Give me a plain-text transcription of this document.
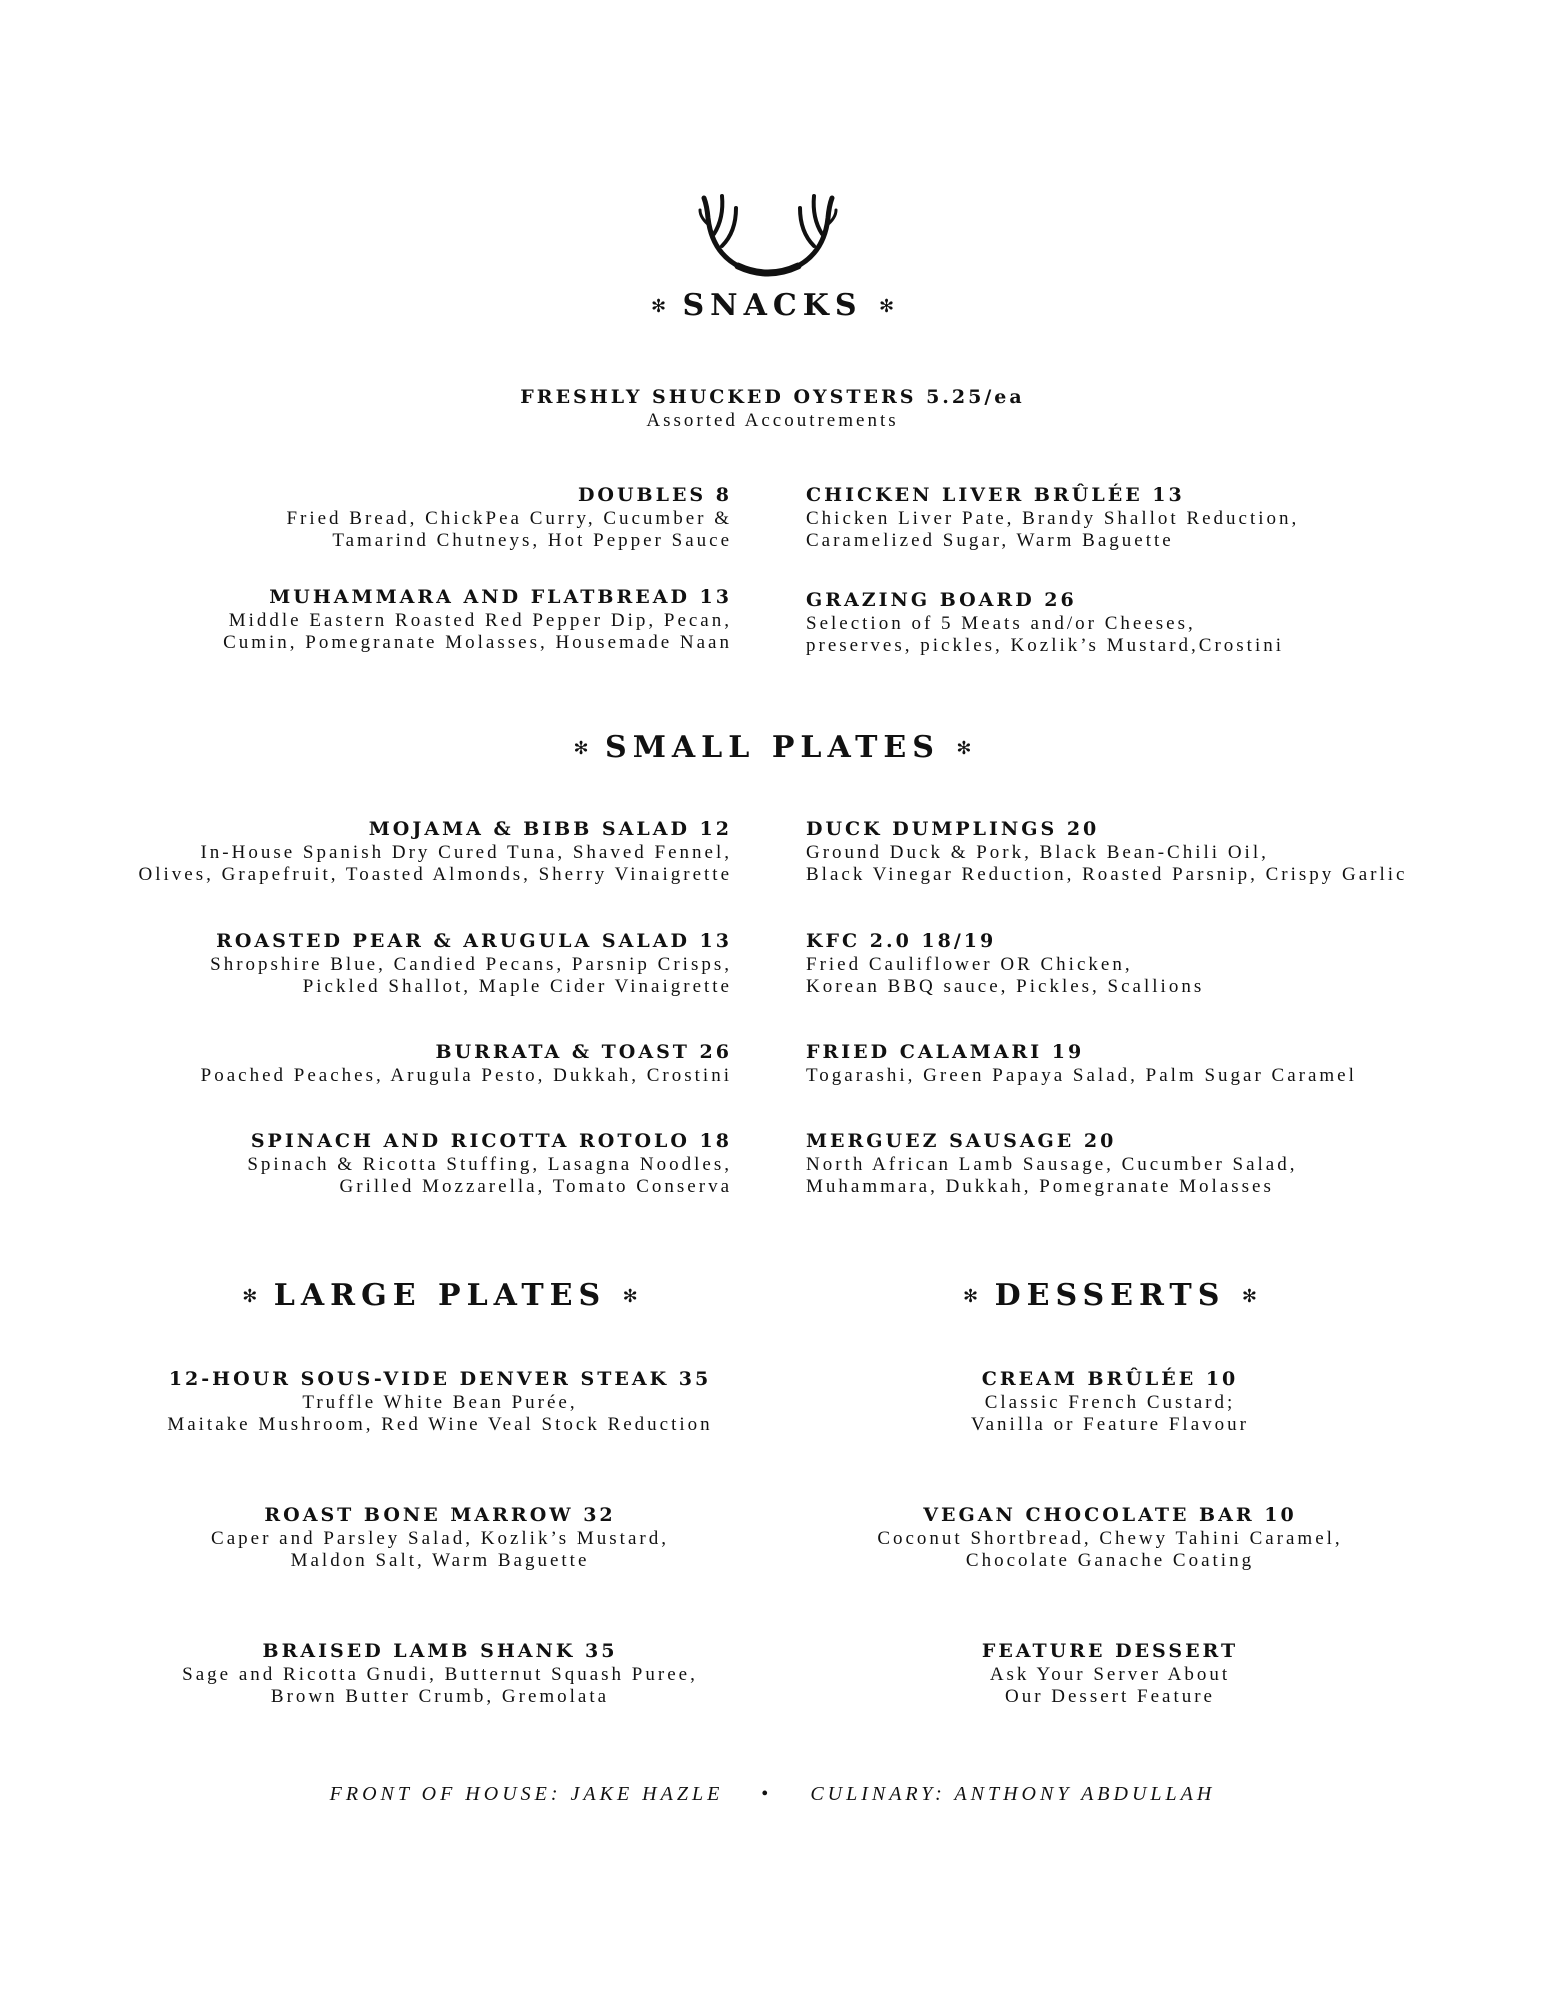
✻ SNACKS ✻
FRESHLY SHUCKED OYSTERS 5.25/ea
Assorted Accoutrements
DOUBLES 8
Fried Bread, ChickPea Curry, Cucumber &
Tamarind Chutneys, Hot Pepper Sauce
MUHAMMARA AND FLATBREAD 13
Middle Eastern Roasted Red Pepper Dip, Pecan,
Cumin, Pomegranate Molasses, Housemade Naan
CHICKEN LIVER BRÛLÉE 13
Chicken Liver Pate, Brandy Shallot Reduction,
Caramelized Sugar, Warm Baguette
GRAZING BOARD 26
Selection of 5 Meats and/or Cheeses,
preserves, pickles, Kozlik’s Mustard,Crostini
✻ SMALL PLATES ✻
MOJAMA & BIBB SALAD 12
In-House Spanish Dry Cured Tuna, Shaved Fennel,
Olives, Grapefruit, Toasted Almonds, Sherry Vinaigrette
ROASTED PEAR & ARUGULA SALAD 13
Shropshire Blue, Candied Pecans, Parsnip Crisps,
Pickled Shallot, Maple Cider Vinaigrette
BURRATA & TOAST 26
Poached Peaches, Arugula Pesto, Dukkah, Crostini
SPINACH AND RICOTTA ROTOLO 18
Spinach & Ricotta Stuffing, Lasagna Noodles,
Grilled Mozzarella, Tomato Conserva
DUCK DUMPLINGS 20
Ground Duck & Pork, Black Bean-Chili Oil,
Black Vinegar Reduction, Roasted Parsnip, Crispy Garlic
KFC 2.0 18/19
Fried Cauliflower OR Chicken,
Korean BBQ sauce, Pickles, Scallions
FRIED CALAMARI 19
Togarashi, Green Papaya Salad, Palm Sugar Caramel
MERGUEZ SAUSAGE 20
North African Lamb Sausage, Cucumber Salad,
Muhammara, Dukkah, Pomegranate Molasses
✻ LARGE PLATES ✻
12-HOUR SOUS-VIDE DENVER STEAK 35
Truffle White Bean Purée,
Maitake Mushroom, Red Wine Veal Stock Reduction
ROAST BONE MARROW 32
Caper and Parsley Salad, Kozlik’s Mustard,
Maldon Salt, Warm Baguette
BRAISED LAMB SHANK 35
Sage and Ricotta Gnudi, Butternut Squash Puree,
Brown Butter Crumb, Gremolata
✻ DESSERTS ✻
CREAM BRÛLÉE 10
Classic French Custard;
Vanilla or Feature Flavour
VEGAN CHOCOLATE BAR 10
Coconut Shortbread, Chewy Tahini Caramel,
Chocolate Ganache Coating
FEATURE DESSERT
Ask Your Server About
Our Dessert Feature
FRONT OF HOUSE: JAKE HAZLE • CULINARY: ANTHONY ABDULLAH
